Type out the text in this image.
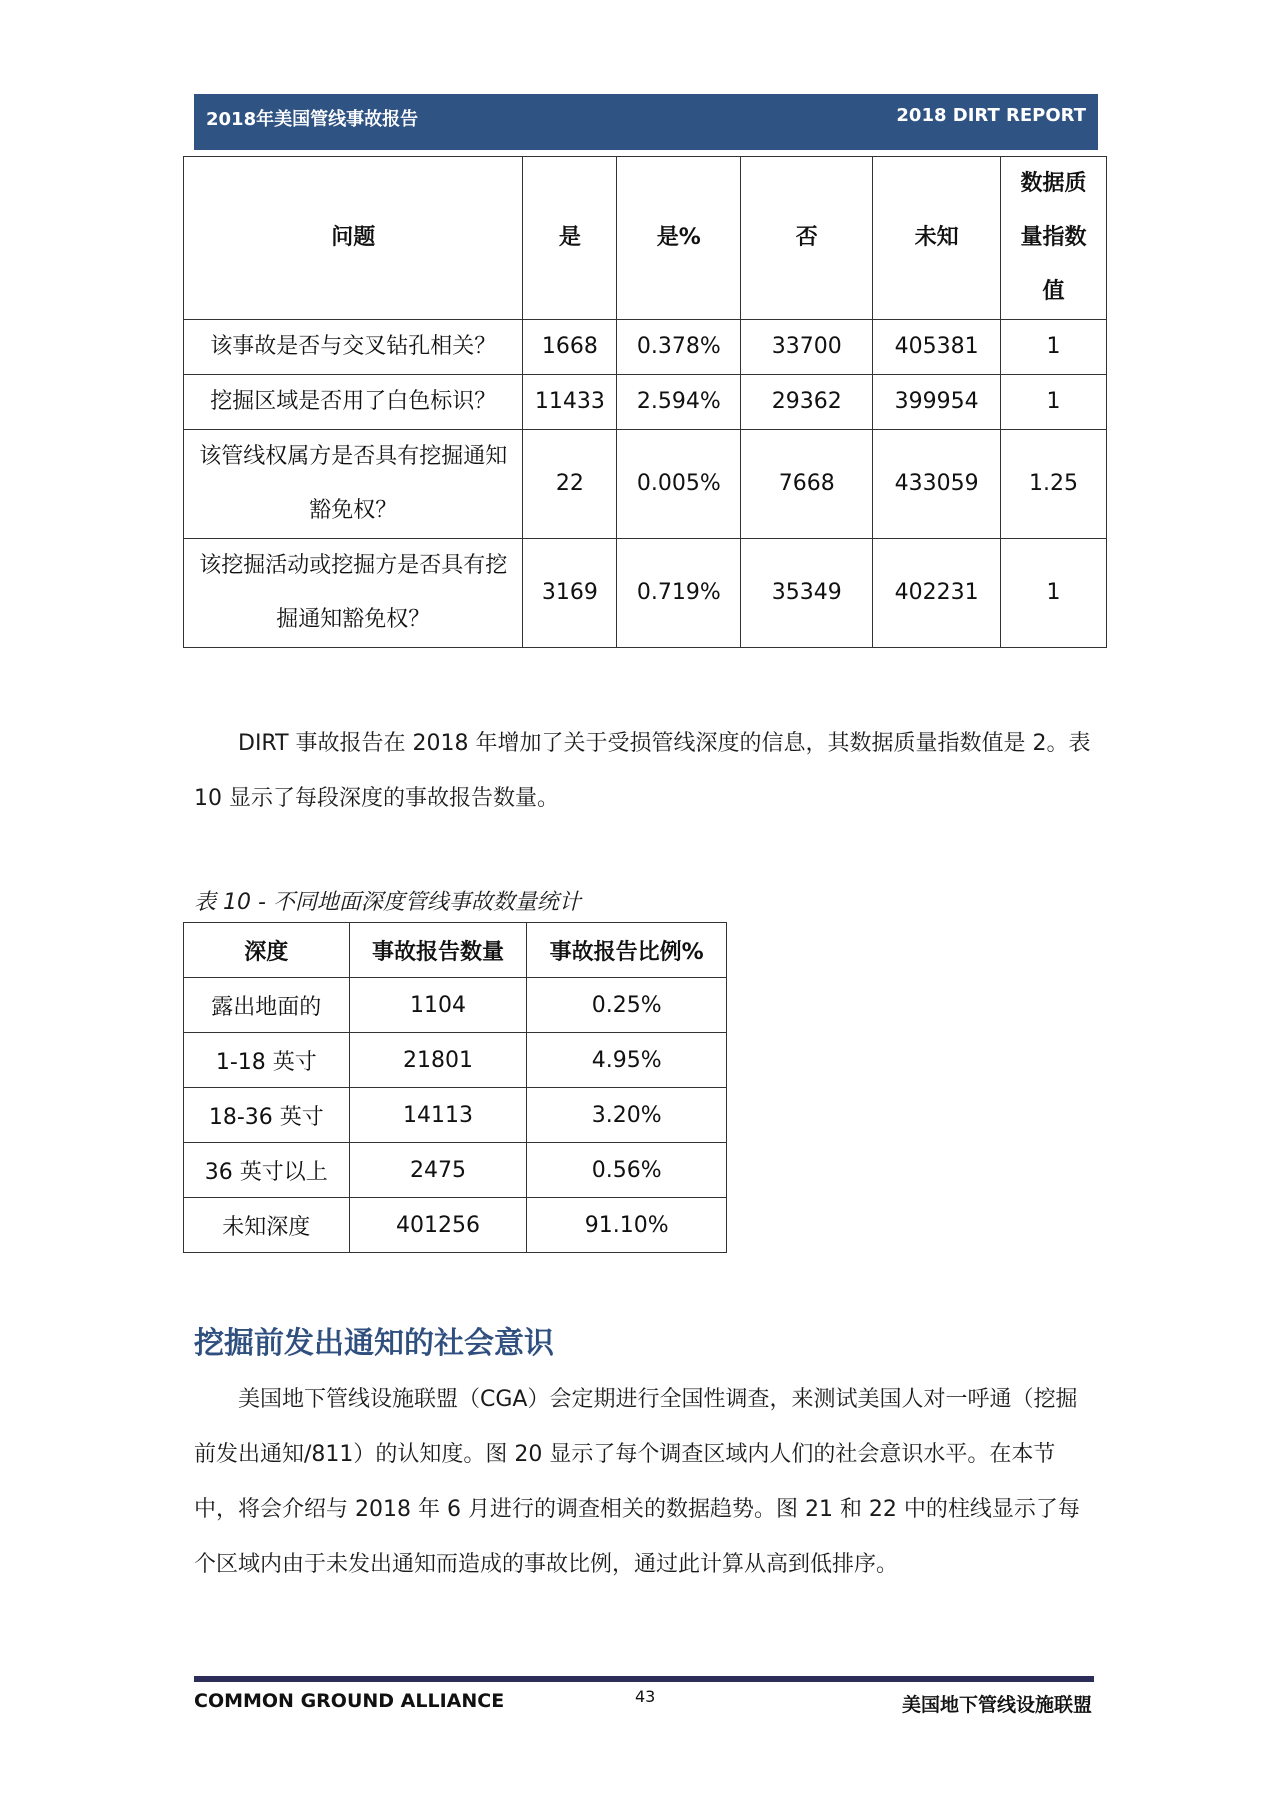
2018年美国管线事故报告	2018 DIRT REPORT
问题	是	是%	否	未知	数据质量指数值
该事故是否与交叉钻孔相关？	1668	0.378%	33700	405381	1
挖掘区域是否用了白色标识？	11433	2.594%	29362	399954	1
该管线权属方是否具有挖掘通知豁免权？	22	0.005%	7668	433059	1.25
该挖掘活动或挖掘方是否具有挖掘通知豁免权？	3169	0.719%	35349	402231	1

DIRT 事故报告在 2018 年增加了关于受损管线深度的信息，其数据质量指数值是 2。表 10 显示了每段深度的事故报告数量。

表 10 - 不同地面深度管线事故数量统计
深度	事故报告数量	事故报告比例%
露出地面的	1104	0.25%
1-18 英寸	21801	4.95%
18-36 英寸	14113	3.20%
36 英寸以上	2475	0.56%
未知深度	401256	91.10%
挖掘前发出通知的社会意识

美国地下管线设施联盟（CGA）会定期进行全国性调查，来测试美国人对一呼通（挖掘前发出通知/811）的认知度。图 20 显示了每个调查区域内人们的社会意识水平。在本节中，将会介绍与 2018 年 6 月进行的调查相关的数据趋势。图 21 和 22 中的柱线显示了每个区域内由于未发出通知而造成的事故比例，通过此计算从高到低排序。

COMMON GROUND ALLIANCE	43	美国地下管线设施联盟
